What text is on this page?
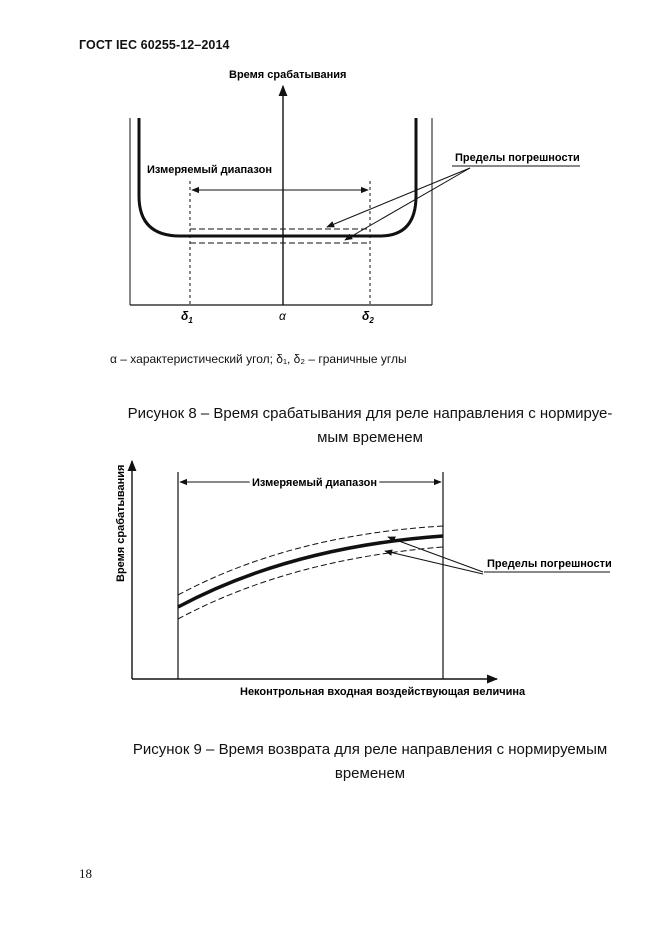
ГОСТ IEC 60255-12–2014
Время срабатывания
Измеряемый диапазон
Пределы погрешности
$\delta_1$	α	$\delta_2$
Время срабатывания
Неконтрольная входная воздействующая величина
Измеряемый диапазон
Пределы погрешности
α – характеристический угол; δ₁, δ₂ – граничные углы
Рисунок 8 – Время срабатывания для реле направления с нормируе-
мым временем
Рисунок 9 – Время возврата для реле направления с нормируемым
временем
18
